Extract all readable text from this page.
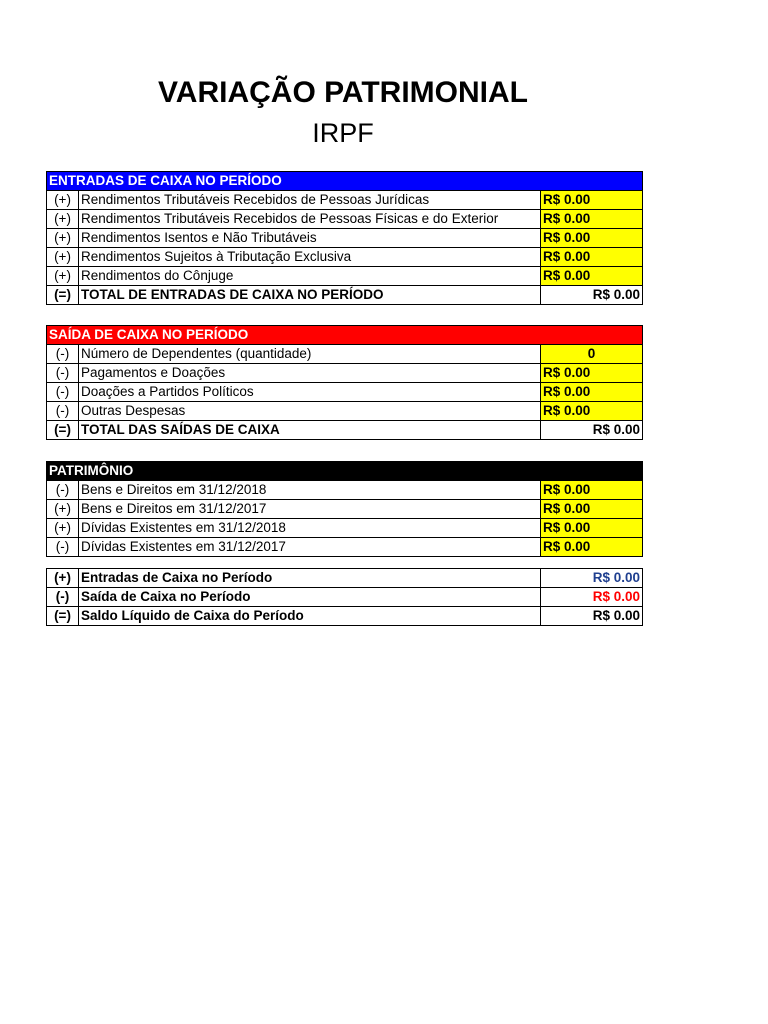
VARIAÇÃO PATRIMONIAL
IRPF
ENTRADAS DE CAIXA NO PERÍODO		
(+)	Rendimentos Tributáveis Recebidos de Pessoas Jurídicas	R$ 0.00
(+)	Rendimentos Tributáveis Recebidos de Pessoas Físicas e do Exterior	R$ 0.00
(+)	Rendimentos Isentos e Não Tributáveis	R$ 0.00
(+)	Rendimentos Sujeitos à Tributação Exclusiva	R$ 0.00
(+)	Rendimentos do Cônjuge	R$ 0.00
(=)	TOTAL DE ENTRADAS DE CAIXA NO PERÍODO	R$ 0.00
SAÍDA DE CAIXA NO PERÍODO		
(-)	Número de Dependentes (quantidade)	0
(-)	Pagamentos e Doações	R$ 0.00
(-)	Doações a Partidos Políticos	R$ 0.00
(-)	Outras Despesas	R$ 0.00
(=)	TOTAL DAS SAÍDAS DE CAIXA	R$ 0.00
PATRIMÔNIO		
(-)	Bens e Direitos em 31/12/2018	R$ 0.00
(+)	Bens e Direitos em 31/12/2017	R$ 0.00
(+)	Dívidas Existentes em 31/12/2018	R$ 0.00
(-)	Dívidas Existentes em 31/12/2017	R$ 0.00
(+)	Entradas de Caixa no Período	R$ 0.00
(-)	Saída de Caixa no Período	R$ 0.00
(=)	Saldo Líquido de Caixa do Período	R$ 0.00
